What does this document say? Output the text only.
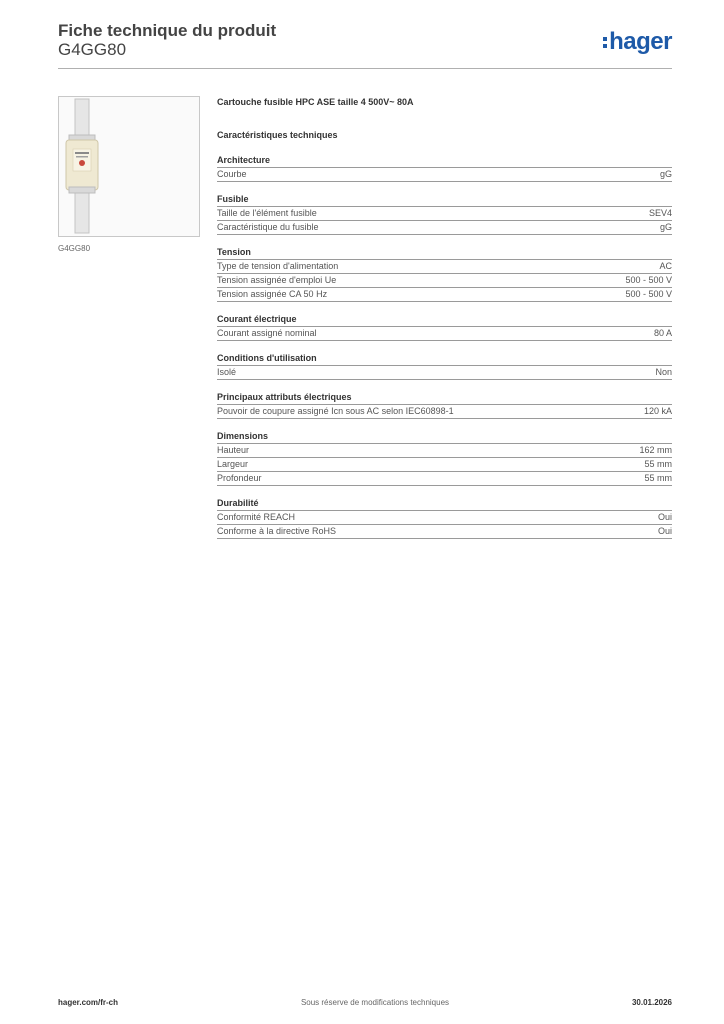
Fiche technique du produit
G4GG80	hager
G4GG80
Cartouche fusible HPC ASE taille 4 500V~ 80A
Caractéristiques techniques
Architecture
Courbe	gG
Fusible
Taille de l'élément fusible	SEV4
Caractéristique du fusible	gG
Tension
Type de tension d'alimentation	AC
Tension assignée d'emploi Ue	500 - 500 V
Tension assignée CA 50 Hz	500 - 500 V
Courant électrique
Courant assigné nominal	80 A
Conditions d'utilisation
Isolé	Non
Principaux attributs électriques
Pouvoir de coupure assigné Icn sous AC selon IEC60898-1	120 kA
Dimensions
Hauteur	162 mm
Largeur	55 mm
Profondeur	55 mm
Durabilité
Conformité REACH	Oui
Conforme à la directive RoHS	Oui
hager.com/fr-ch	Sous réserve de modifications techniques	30.01.2026
